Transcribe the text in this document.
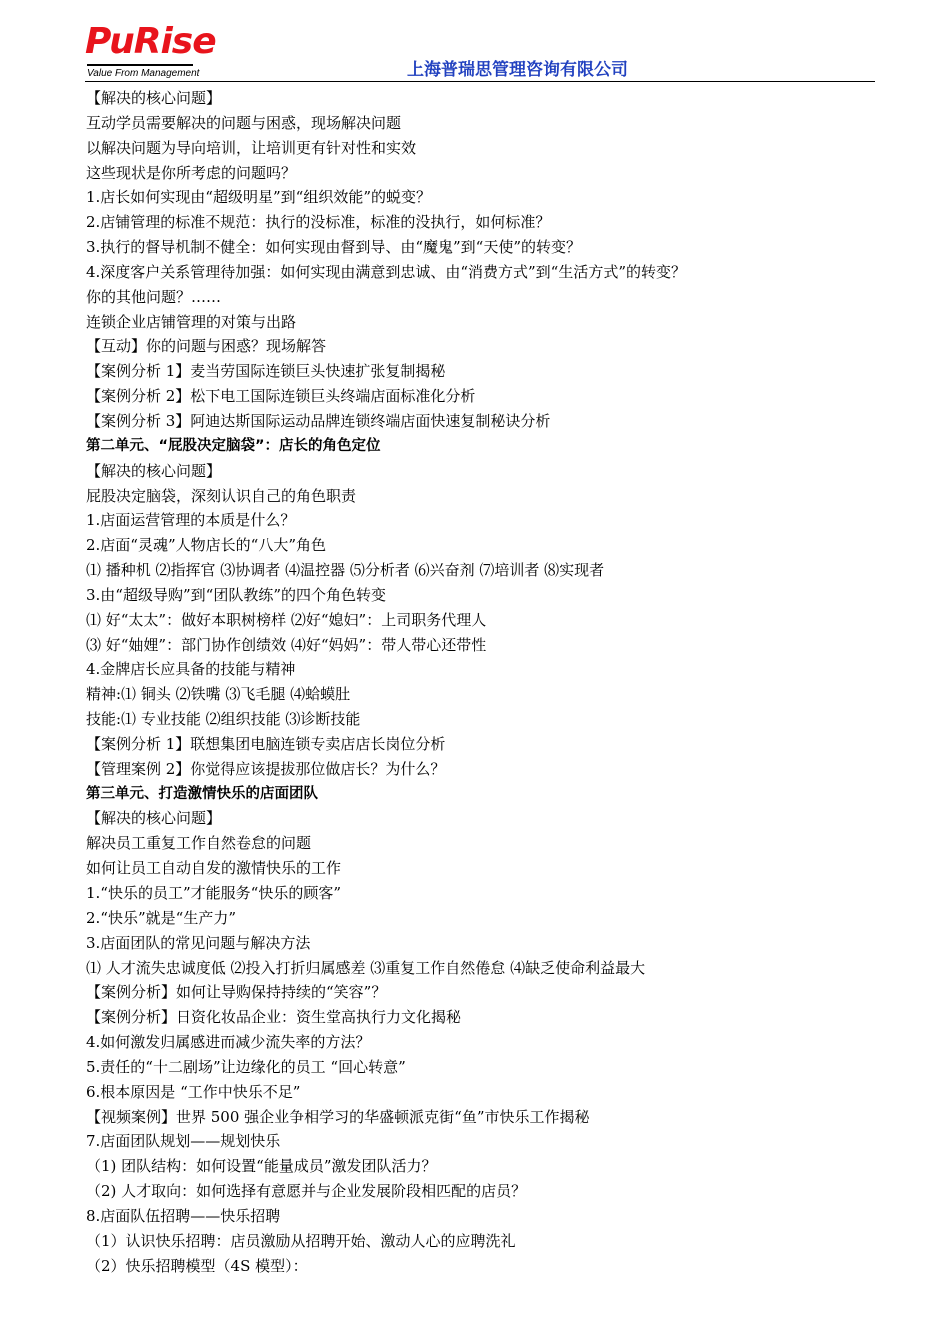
PuRise
Value From Management	上海普瑞思管理咨询有限公司
【解决的核心问题】
互动学员需要解决的问题与困惑，现场解决问题
以解决问题为导向培训，让培训更有针对性和实效
这些现状是你所考虑的问题吗？
1.店长如何实现由“超级明星”到“组织效能”的蜕变？
2.店铺管理的标准不规范：执行的没标准，标准的没执行，如何标准？
3.执行的督导机制不健全：如何实现由督到导、由“魔鬼”到“天使”的转变？
4.深度客户关系管理待加强：如何实现由满意到忠诚、由“消费方式”到“生活方式”的转变？
你的其他问题？……
连锁企业店铺管理的对策与出路
【互动】你的问题与困惑？现场解答
【案例分析 1】麦当劳国际连锁巨头快速扩张复制揭秘
【案例分析 2】松下电工国际连锁巨头终端店面标准化分析
【案例分析 3】阿迪达斯国际运动品牌连锁终端店面快速复制秘诀分析
第二单元、“屁股决定脑袋”：店长的角色定位
【解决的核心问题】
屁股决定脑袋，深刻认识自己的角色职责
1.店面运营管理的本质是什么？
2.店面“灵魂”人物店长的“八大”角色
⑴ 播种机 ⑵指挥官 ⑶协调者 ⑷温控器 ⑸分析者 ⑹兴奋剂 ⑺培训者 ⑻实现者
3.由“超级导购”到“团队教练”的四个角色转变
⑴ 好“太太”：做好本职树榜样 ⑵好“媳妇”：上司职务代理人
⑶ 好“妯娌”：部门协作创绩效 ⑷好“妈妈”：带人带心还带性
4.金牌店长应具备的技能与精神
精神:⑴ 铜头 ⑵铁嘴 ⑶飞毛腿 ⑷蛤蟆肚
技能:⑴ 专业技能 ⑵组织技能 ⑶诊断技能
【案例分析 1】联想集团电脑连锁专卖店店长岗位分析
【管理案例 2】你觉得应该提拔那位做店长？为什么？
第三单元、打造激情快乐的店面团队
【解决的核心问题】
解决员工重复工作自然卷怠的问题
如何让员工自动自发的激情快乐的工作
1.“快乐的员工”才能服务“快乐的顾客”
2.“快乐”就是“生产力”
3.店面团队的常见问题与解决方法
⑴ 人才流失忠诚度低 ⑵投入打折归属感差 ⑶重复工作自然倦怠 ⑷缺乏使命利益最大
【案例分析】如何让导购保持持续的“笑容”？
【案例分析】日资化妆品企业：资生堂高执行力文化揭秘
4.如何激发归属感进而减少流失率的方法？
5.责任的“十二剧场”让边缘化的员工 “回心转意”
6.根本原因是 “工作中快乐不足”
【视频案例】世界 500 强企业争相学习的华盛顿派克街“鱼”市快乐工作揭秘
7.店面团队规划——规划快乐
（1) 团队结构：如何设置“能量成员”激发团队活力？
（2) 人才取向：如何选择有意愿并与企业发展阶段相匹配的店员？
8.店面队伍招聘——快乐招聘
（1）认识快乐招聘：店员激励从招聘开始、激动人心的应聘洗礼
（2）快乐招聘模型（4S 模型）：
